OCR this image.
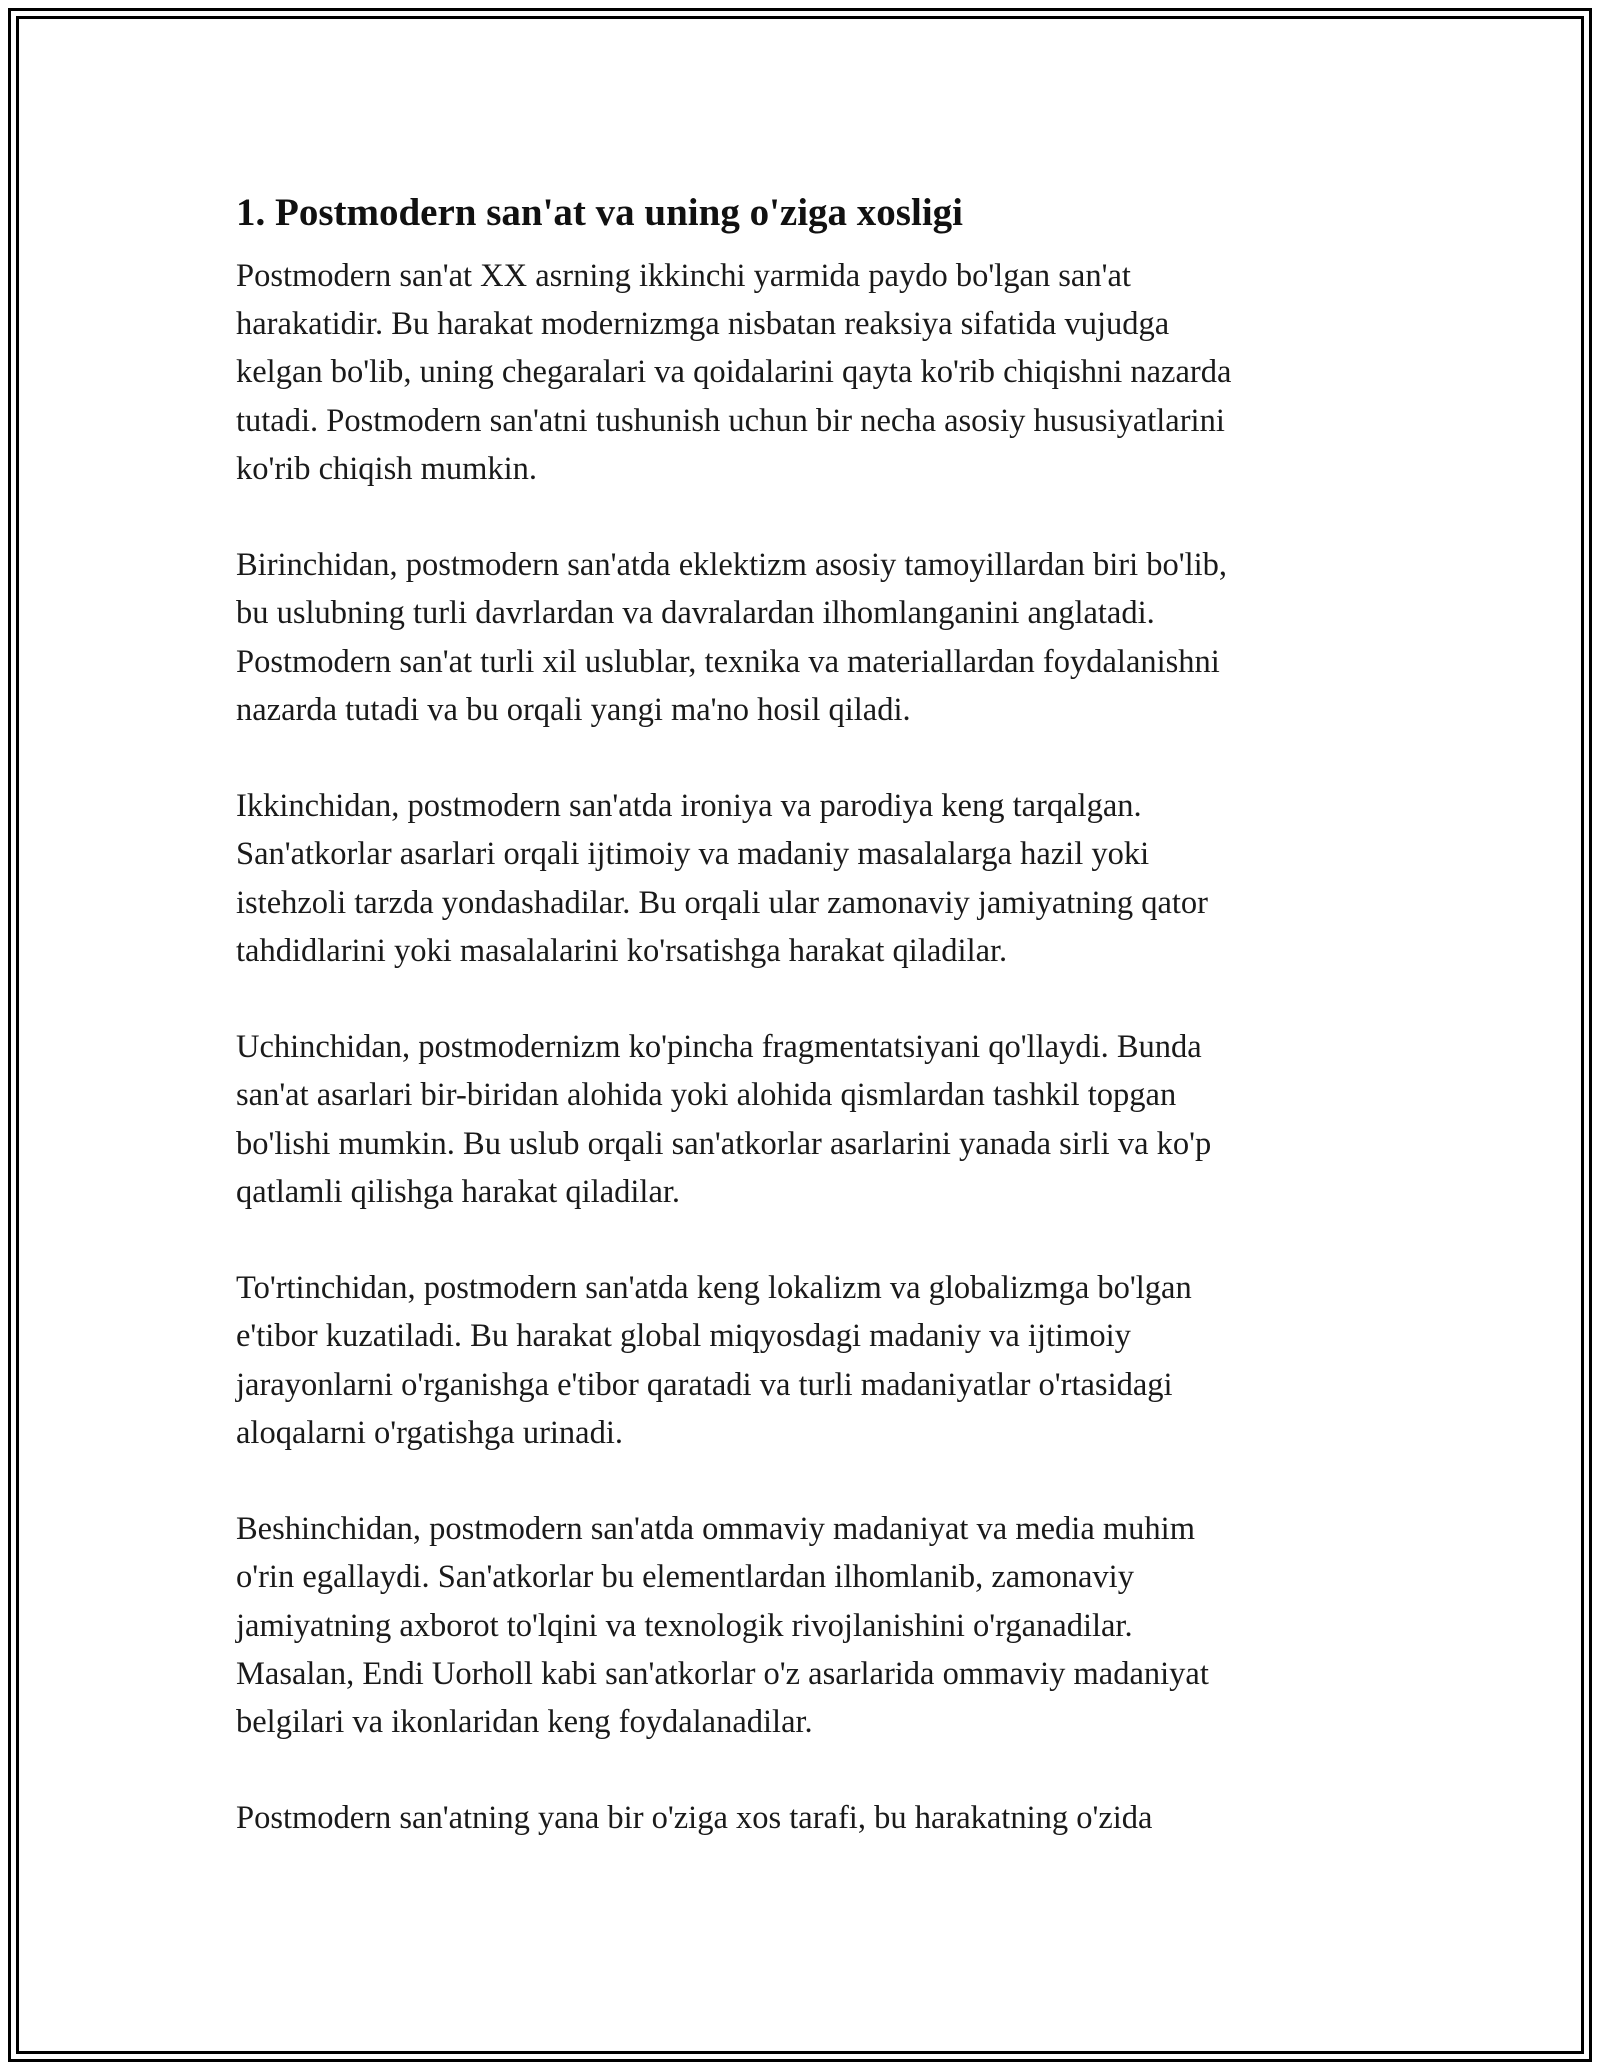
1. Postmodern san'at va uning o'ziga xosligi

Postmodern san'at XX asrning ikkinchi yarmida paydo bo'lgan san'at
harakatidir. Bu harakat modernizmga nisbatan reaksiya sifatida vujudga
kelgan bo'lib, uning chegaralari va qoidalarini qayta ko'rib chiqishni nazarda
tutadi. Postmodern san'atni tushunish uchun bir necha asosiy hususiyatlarini
ko'rib chiqish mumkin.

Birinchidan, postmodern san'atda eklektizm asosiy tamoyillardan biri bo'lib,
bu uslubning turli davrlardan va davralardan ilhomlanganini anglatadi.
Postmodern san'at turli xil uslublar, texnika va materiallardan foydalanishni
nazarda tutadi va bu orqali yangi ma'no hosil qiladi.

Ikkinchidan, postmodern san'atda ironiya va parodiya keng tarqalgan.
San'atkorlar asarlari orqali ijtimoiy va madaniy masalalarga hazil yoki
istehzoli tarzda yondashadilar. Bu orqali ular zamonaviy jamiyatning qator
tahdidlarini yoki masalalarini ko'rsatishga harakat qiladilar.

Uchinchidan, postmodernizm ko'pincha fragmentatsiyani qo'llaydi. Bunda
san'at asarlari bir-biridan alohida yoki alohida qismlardan tashkil topgan
bo'lishi mumkin. Bu uslub orqali san'atkorlar asarlarini yanada sirli va ko'p
qatlamli qilishga harakat qiladilar.

To'rtinchidan, postmodern san'atda keng lokalizm va globalizmga bo'lgan
e'tibor kuzatiladi. Bu harakat global miqyosdagi madaniy va ijtimoiy
jarayonlarni o'rganishga e'tibor qaratadi va turli madaniyatlar o'rtasidagi
aloqalarni o'rgatishga urinadi.

Beshinchidan, postmodern san'atda ommaviy madaniyat va media muhim
o'rin egallaydi. San'atkorlar bu elementlardan ilhomlanib, zamonaviy
jamiyatning axborot to'lqini va texnologik rivojlanishini o'rganadilar.
Masalan, Endi Uorholl kabi san'atkorlar o'z asarlarida ommaviy madaniyat
belgilari va ikonlaridan keng foydalanadilar.

Postmodern san'atning yana bir o'ziga xos tarafi, bu harakatning o'zida
